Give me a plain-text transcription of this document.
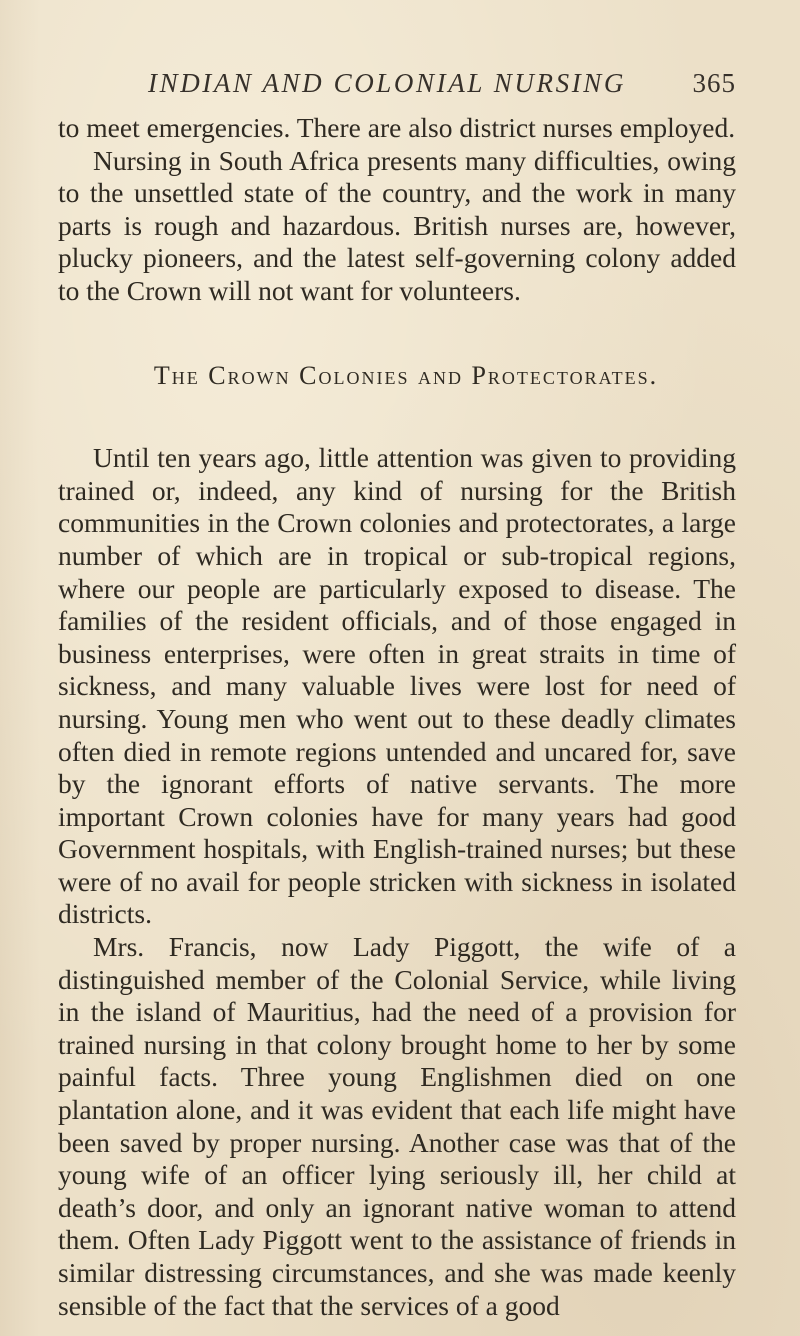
INDIAN AND COLONIAL NURSING 365

to meet emergencies. There are also district nurses employed.

Nursing in South Africa presents many difficulties, owing to the unsettled state of the country, and the work in many parts is rough and hazardous. British nurses are, however, plucky pioneers, and the latest self-governing colony added to the Crown will not want for volunteers.

The Crown Colonies and Protectorates.

Until ten years ago, little attention was given to providing trained or, indeed, any kind of nursing for the British communities in the Crown colonies and protectorates, a large number of which are in tropical or sub-tropical regions, where our people are particularly exposed to disease. The families of the resident officials, and of those engaged in business enterprises, were often in great straits in time of sickness, and many valuable lives were lost for need of nursing. Young men who went out to these deadly climates often died in remote regions untended and uncared for, save by the ignorant efforts of native servants. The more important Crown colonies have for many years had good Government hospitals, with English-trained nurses; but these were of no avail for people stricken with sickness in isolated districts.

Mrs. Francis, now Lady Piggott, the wife of a distinguished member of the Colonial Service, while living in the island of Mauritius, had the need of a provision for trained nursing in that colony brought home to her by some painful facts. Three young Englishmen died on one plantation alone, and it was evident that each life might have been saved by proper nursing. Another case was that of the young wife of an officer lying seriously ill, her child at death’s door, and only an ignorant native woman to attend them. Often Lady Piggott went to the assistance of friends in similar distressing circumstances, and she was made keenly sensible of the fact that the services of a good
